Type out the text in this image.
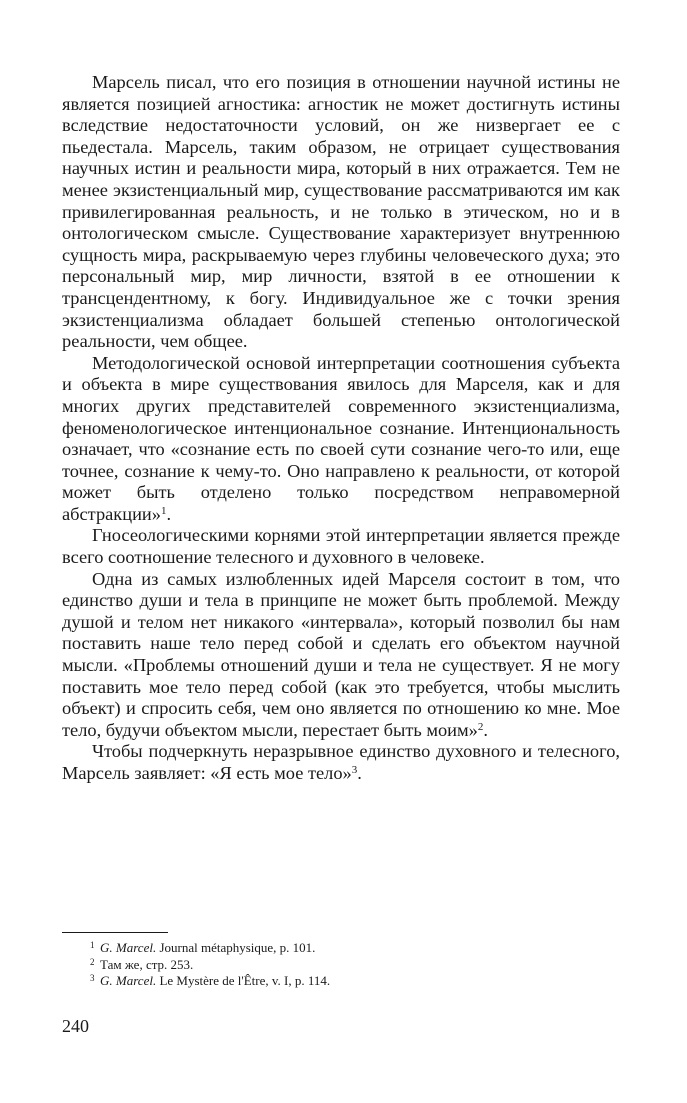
Марсель писал, что его позиция в отношении научной истины не является позицией агностика: агностик не может достигнуть истины вследствие недостаточности условий, он же низвергает ее с пьедестала. Марсель, таким образом, не отрицает существования научных истин и реальности мира, который в них отражается. Тем не менее экзистенциальный мир, существование рассматриваются им как привилегированная реальность, и не только в этическом, но и в онтологическом смысле. Существование характеризует внутреннюю сущность мира, раскрываемую через глубины человеческого духа; это персональный мир, мир личности, взятой в ее отношении к трансцендентному, к богу. Индивидуальное же с точки зрения экзистенциализма обладает большей степенью онтологической реальности, чем общее.

Методологической основой интерпретации соотношения субъекта и объекта в мире существования явилось для Марселя, как и для многих других представителей современного экзистенциализма, феноменологическое интенциональное сознание. Интенциональность означает, что «сознание есть по своей сути сознание чего-то или, еще точнее, сознание к чему-то. Оно направлено к реальности, от которой может быть отделено только посредством неправомерной абстракции»$^1$.

Гносеологическими корнями этой интерпретации является прежде всего соотношение телесного и духовного в человеке.

Одна из самых излюбленных идей Марселя состоит в том, что единство души и тела в принципе не может быть проблемой. Между душой и телом нет никакого «интервала», который позволил бы нам поставить наше тело перед собой и сделать его объектом научной мысли. «Проблемы отношений души и тела не существует. Я не могу поставить мое тело перед собой (как это требуется, чтобы мыслить объект) и спросить себя, чем оно является по отношению ко мне. Мое тело, будучи объектом мысли, перестает быть моим»$^2$.

Чтобы подчеркнуть неразрывное единство духовного и телесного, Марсель заявляет: «Я есть мое тело»$^3$.

1 G. Marcel. Journal métaphysique, p. 101.
2 Там же, стр. 253.
3 G. Marcel. Le Mystère de l'Être, v. I, p. 114.
240
